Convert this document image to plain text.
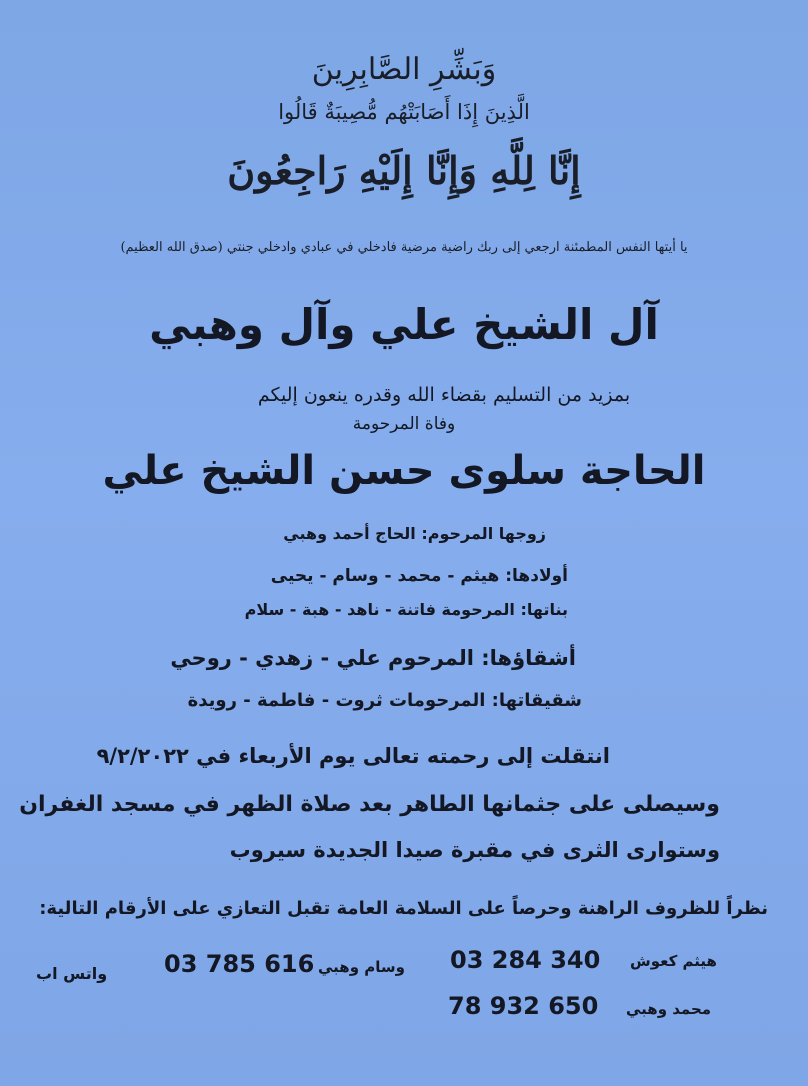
وَبَشِّرِ الصَّابِرِينَ
الَّذِينَ إِذَا أَصَابَتْهُم مُّصِيبَةٌ قَالُوا
إِنَّا لِلَّهِ وَإِنَّا إِلَيْهِ رَاجِعُونَ
يا أيتها النفس المطمئنة ارجعي إلى ربك راضية مرضية فادخلي في عبادي وادخلي جنتي (صدق الله العظيم)
آل الشيخ علي وآل وهبي
بمزيد من التسليم بقضاء الله وقدره ينعون إليكم
وفاة المرحومة
الحاجة سلوى حسن الشيخ علي
زوجها المرحوم: الحاج أحمد وهبي
أولادها: هيثم - محمد - وسام - يحيى
بناتها: المرحومة فاتنة - ناهد - هبة - سلام
أشقاؤها: المرحوم علي - زهدي - روحي
شقيقاتها: المرحومات ثروت - فاطمة - رويدة
انتقلت إلى رحمته تعالى يوم الأربعاء في ٩/٢/٢٠٢٢
وسيصلى على جثمانها الطاهر بعد صلاة الظهر في مسجد الغفران
وستوارى الثرى في مقبرة صيدا الجديدة سيروب
نظراً للظروف الراهنة وحرصاً على السلامة العامة تقبل التعازي على الأرقام التالية:
هيثم كعوش
03 284 340
وسام وهبي
03 785 616
واتس اب
محمد وهبي
78 932 650
